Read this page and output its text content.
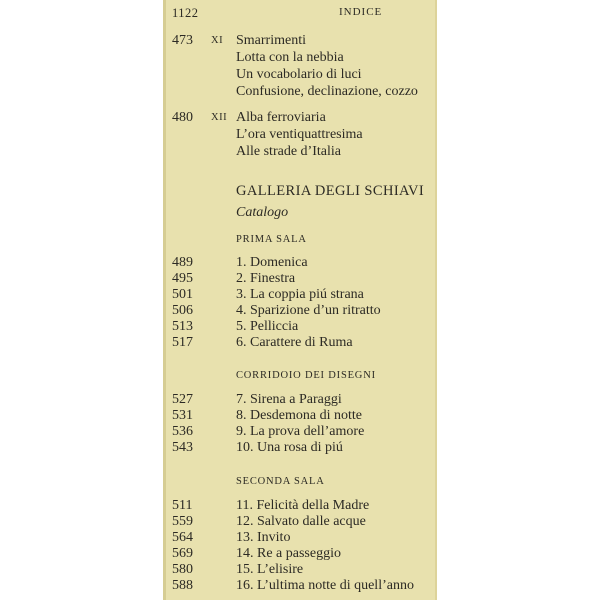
1122	INDICE
473 XI Smarrimenti
Lotta con la nebbia
Un vocabolario di luci
Confusione, declinazione, cozzo
480 XII Alba ferroviaria
L’ora ventiquattresima
Alle strade d’Italia
GALLERIA DEGLI SCHIAVI
Catalogo
PRIMA SALA
489	1. Domenica
495	2. Finestra
501	3. La coppia piú strana
506	4. Sparizione d’un ritratto
513	5. Pelliccia
517	6. Carattere di Ruma
CORRIDOIO DEI DISEGNI
527	7. Sirena a Paraggi
531	8. Desdemona di notte
536	9. La prova dell’amore
543	10. Una rosa di piú
SECONDA SALA
511	11. Felicità della Madre
559	12. Salvato dalle acque
564	13. Invito
569	14. Re a passeggio
580	15. L’elisire
588	16. L’ultima notte di quell’anno
